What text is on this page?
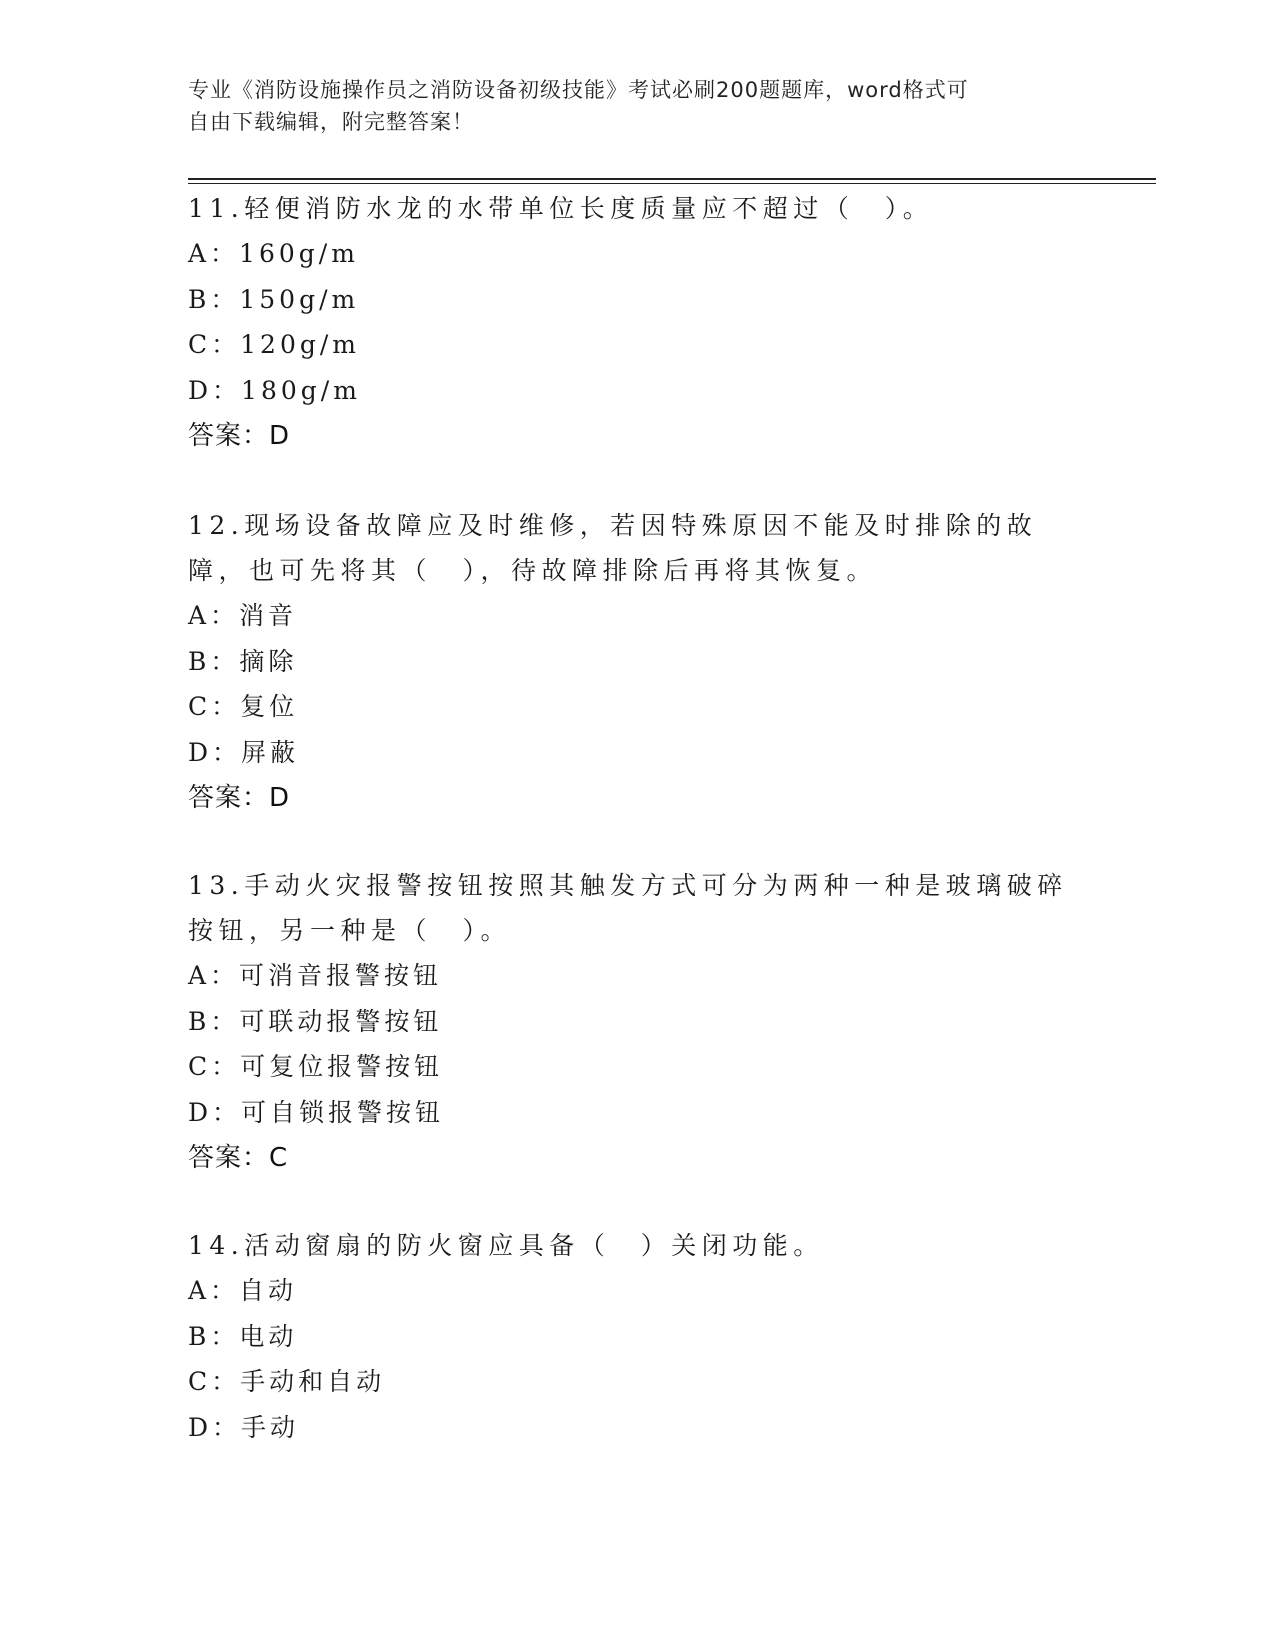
专业《消防设施操作员之消防设备初级技能》考试必刷200题题库，word格式可
自由下载编辑，附完整答案！

11.轻便消防水龙的水带单位长度质量应不超过（　）。

A：160g/m

B：150g/m

C：120g/m

D：180g/m

答案：D

12.现场设备故障应及时维修，若因特殊原因不能及时排除的故障，也可先将其（　），待故障排除后再将其恢复。

A：消音

B：摘除

C：复位

D：屏蔽

答案：D

13.手动火灾报警按钮按照其触发方式可分为两种一种是玻璃破碎按钮，另一种是（　）。

A：可消音报警按钮

B：可联动报警按钮

C：可复位报警按钮

D：可自锁报警按钮

答案：C

14.活动窗扇的防火窗应具备（　）关闭功能。

A：自动

B：电动

C：手动和自动

D：手动
